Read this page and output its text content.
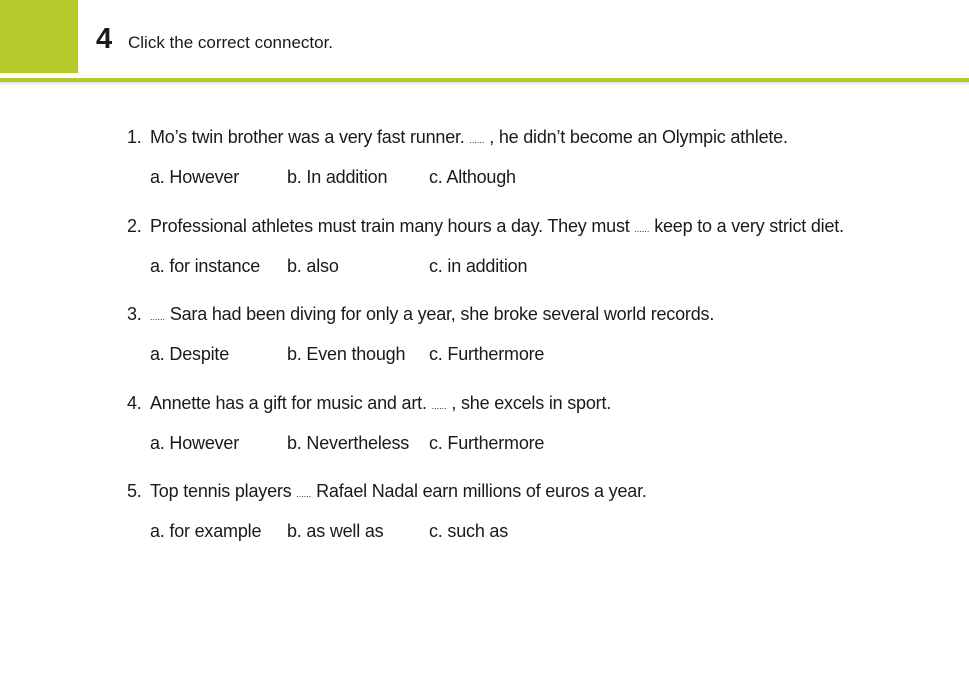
4 Click the correct connector.
1. Mo’s twin brother was a very fast runner. ...... , he didn’t become an Olympic athlete.
a. However	b. In addition c. Although
2. Professional athletes must train many hours a day. They must ...... keep to a very strict diet.
a. for instance b. also	c. in addition
3. ...... Sara had been diving for only a year, she broke several world records.
a. Despite	b. Even though c. Furthermore
4. Annette has a gift for music and art. ...... , she excels in sport.
a. However	b. Nevertheless c. Furthermore
5. Top tennis players ...... Rafael Nadal earn millions of euros a year.
a. for example b. as well as	c. such as
